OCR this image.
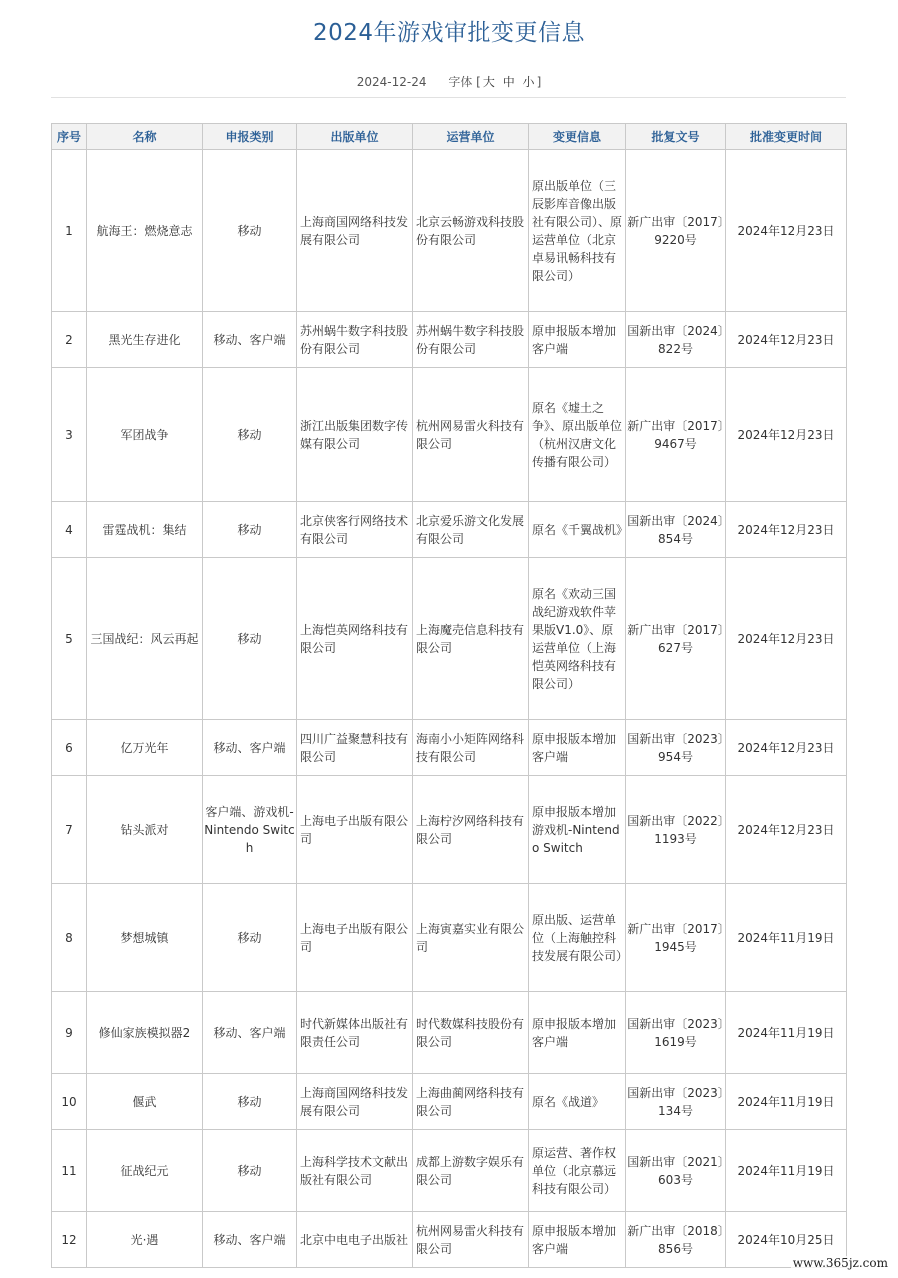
2024年游戏审批变更信息
2024-12-24 字体 [ 大 中 小 ]
序号	名称	申报类别	出版单位	运营单位	变更信息	批复文号	批准变更时间
1	航海王：燃烧意志	移动	上海商国网络科技发展有限公司	北京云畅游戏科技股份有限公司	原出版单位（三辰影库音像出版社有限公司）、原运营单位（北京卓易讯畅科技有限公司）	新广出审〔2017〕9220号	2024年12月23日
2	黑光生存进化	移动、客户端	苏州蜗牛数字科技股份有限公司	苏州蜗牛数字科技股份有限公司	原申报版本增加客户端	国新出审〔2024〕822号	2024年12月23日
3	军团战争	移动	浙江出版集团数字传媒有限公司	杭州网易雷火科技有限公司	原名《墟土之争》、原出版单位（杭州汉唐文化传播有限公司）	新广出审〔2017〕9467号	2024年12月23日
4	雷霆战机：集结	移动	北京侠客行网络技术有限公司	北京爱乐游文化发展有限公司	原名《千翼战机》	国新出审〔2024〕854号	2024年12月23日
5	三国战纪：风云再起	移动	上海恺英网络科技有限公司	上海魔売信息科技有限公司	原名《欢动三国战纪游戏软件苹果版V1.0》、原运营单位（上海恺英网络科技有限公司）	新广出审〔2017〕627号	2024年12月23日
6	亿万光年	移动、客户端	四川广益聚慧科技有限公司	海南小小矩阵网络科技有限公司	原申报版本增加客户端	国新出审〔2023〕954号	2024年12月23日
7	钻头派对	客户端、游戏机-Nintendo Switch	上海电子出版有限公司	上海柠汐网络科技有限公司	原申报版本增加游戏机-Nintendo Switch	国新出审〔2022〕1193号	2024年12月23日
8	梦想城镇	移动	上海电子出版有限公司	上海寅嘉实业有限公司	原出版、运营单位（上海触控科技发展有限公司）	新广出审〔2017〕1945号	2024年11月19日
9	修仙家族模拟器2	移动、客户端	时代新媒体出版社有限责任公司	时代数媒科技股份有限公司	原申报版本增加客户端	国新出审〔2023〕1619号	2024年11月19日
10	偃武	移动	上海商国网络科技发展有限公司	上海曲蔺网络科技有限公司	原名《战道》	国新出审〔2023〕134号	2024年11月19日
11	征战纪元	移动	上海科学技术文献出版社有限公司	成都上游数字娱乐有限公司	原运营、著作权单位（北京慕远科技有限公司）	国新出审〔2021〕603号	2024年11月19日
12	光·遇	移动、客户端	北京中电电子出版社	杭州网易雷火科技有限公司	原申报版本增加客户端	新广出审〔2018〕856号	2024年10月25日
www.365jz.com
